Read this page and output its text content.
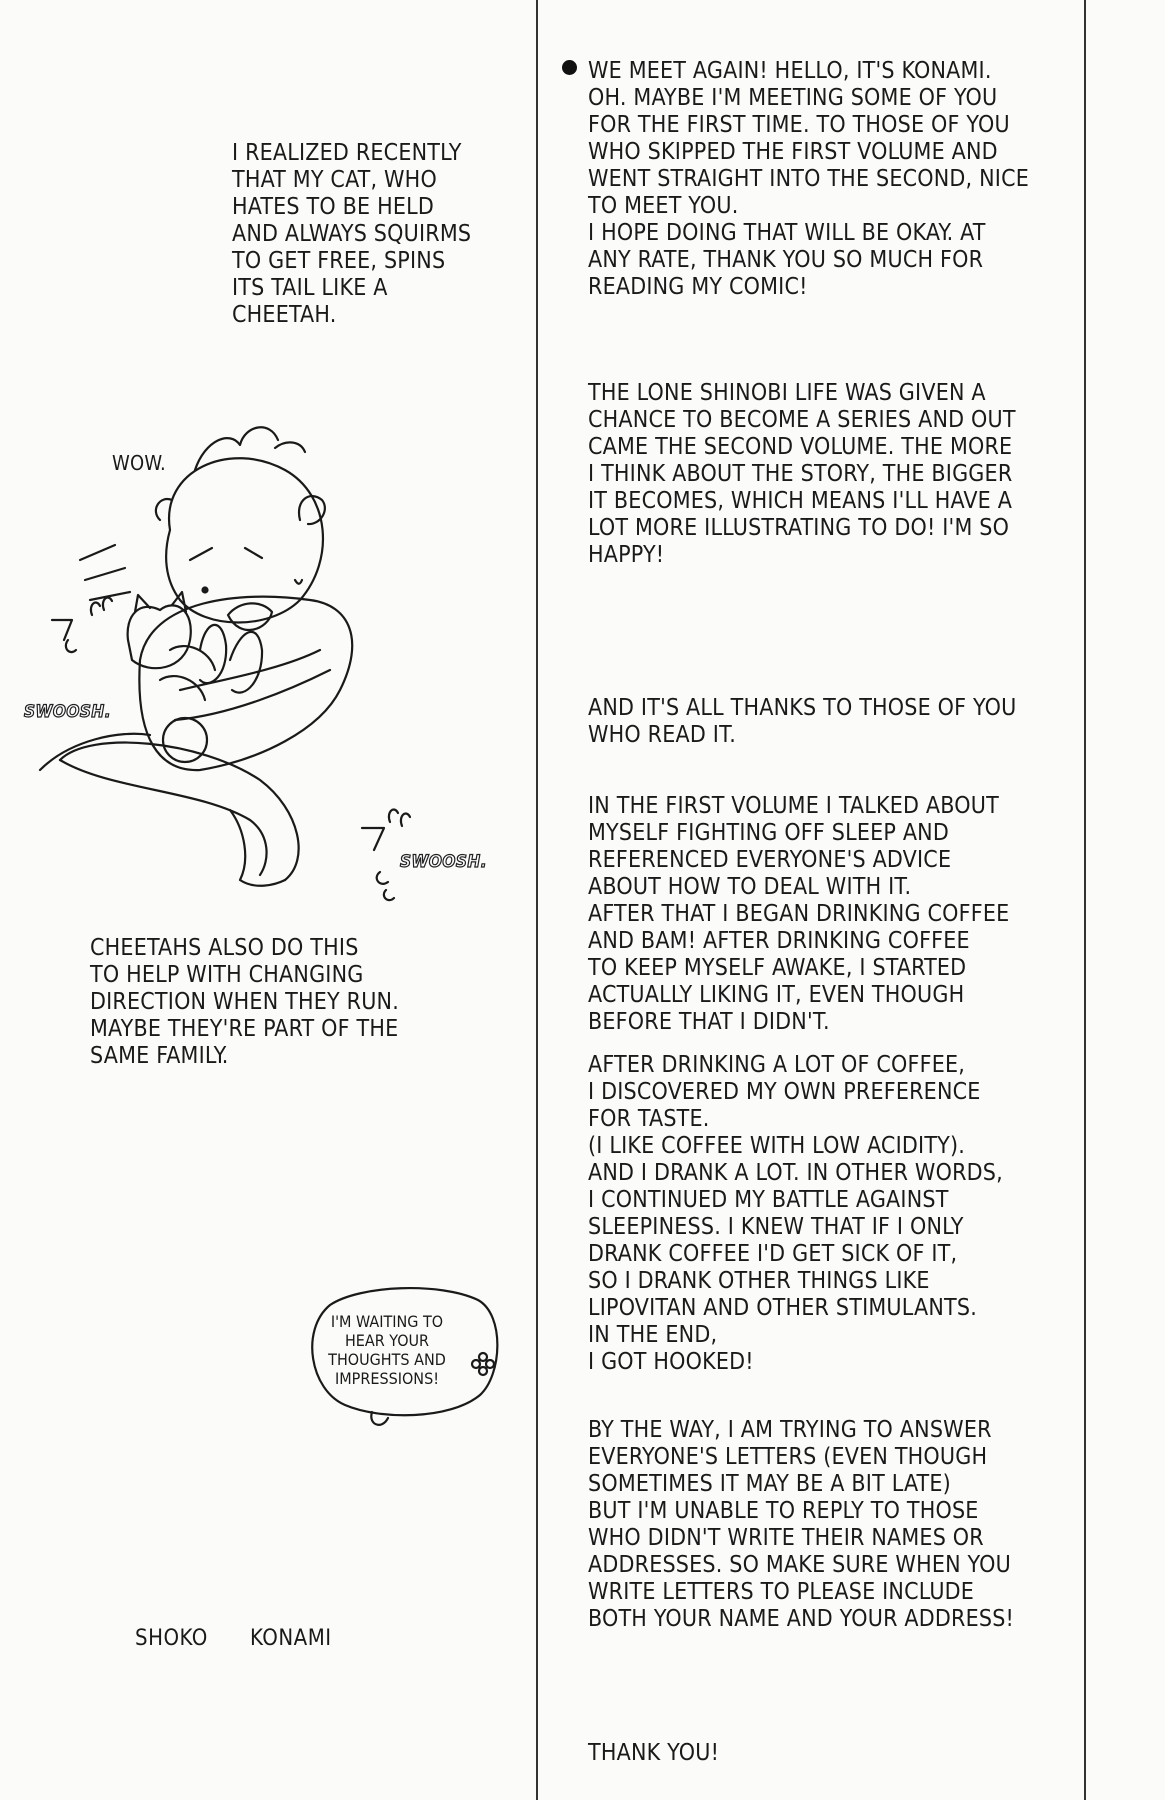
I REALIZED RECENTLY
THAT MY CAT, WHO
HATES TO BE HELD
AND ALWAYS SQUIRMS
TO GET FREE, SPINS
ITS TAIL LIKE A
CHEETAH.

WOW.
SWOOSH.
SWOOSH.

CHEETAHS ALSO DO THIS
TO HELP WITH CHANGING
DIRECTION WHEN THEY RUN.
MAYBE THEY'RE PART OF THE
SAME FAMILY.

I'M WAITING TO
HEAR YOUR
THOUGHTS AND
IMPRESSIONS!
SHOKO KONAMI

WE MEET AGAIN! HELLO, IT'S KONAMI.
OH. MAYBE I'M MEETING SOME OF YOU
FOR THE FIRST TIME. TO THOSE OF YOU
WHO SKIPPED THE FIRST VOLUME AND
WENT STRAIGHT INTO THE SECOND, NICE
TO MEET YOU.
I HOPE DOING THAT WILL BE OKAY. AT
ANY RATE, THANK YOU SO MUCH FOR
READING MY COMIC!

THE LONE SHINOBI LIFE WAS GIVEN A
CHANCE TO BECOME A SERIES AND OUT
CAME THE SECOND VOLUME. THE MORE
I THINK ABOUT THE STORY, THE BIGGER
IT BECOMES, WHICH MEANS I'LL HAVE A
LOT MORE ILLUSTRATING TO DO! I'M SO
HAPPY!

AND IT'S ALL THANKS TO THOSE OF YOU
WHO READ IT.

IN THE FIRST VOLUME I TALKED ABOUT
MYSELF FIGHTING OFF SLEEP AND
REFERENCED EVERYONE'S ADVICE
ABOUT HOW TO DEAL WITH IT.
AFTER THAT I BEGAN DRINKING COFFEE
AND BAM! AFTER DRINKING COFFEE
TO KEEP MYSELF AWAKE, I STARTED
ACTUALLY LIKING IT, EVEN THOUGH
BEFORE THAT I DIDN'T.

AFTER DRINKING A LOT OF COFFEE,
I DISCOVERED MY OWN PREFERENCE
FOR TASTE.
(I LIKE COFFEE WITH LOW ACIDITY).
AND I DRANK A LOT. IN OTHER WORDS,
I CONTINUED MY BATTLE AGAINST
SLEEPINESS. I KNEW THAT IF I ONLY
DRANK COFFEE I'D GET SICK OF IT,
SO I DRANK OTHER THINGS LIKE
LIPOVITAN AND OTHER STIMULANTS.
IN THE END,
I GOT HOOKED!

BY THE WAY, I AM TRYING TO ANSWER
EVERYONE'S LETTERS (EVEN THOUGH
SOMETIMES IT MAY BE A BIT LATE)
BUT I'M UNABLE TO REPLY TO THOSE
WHO DIDN'T WRITE THEIR NAMES OR
ADDRESSES. SO MAKE SURE WHEN YOU
WRITE LETTERS TO PLEASE INCLUDE
BOTH YOUR NAME AND YOUR ADDRESS!

THANK YOU!
